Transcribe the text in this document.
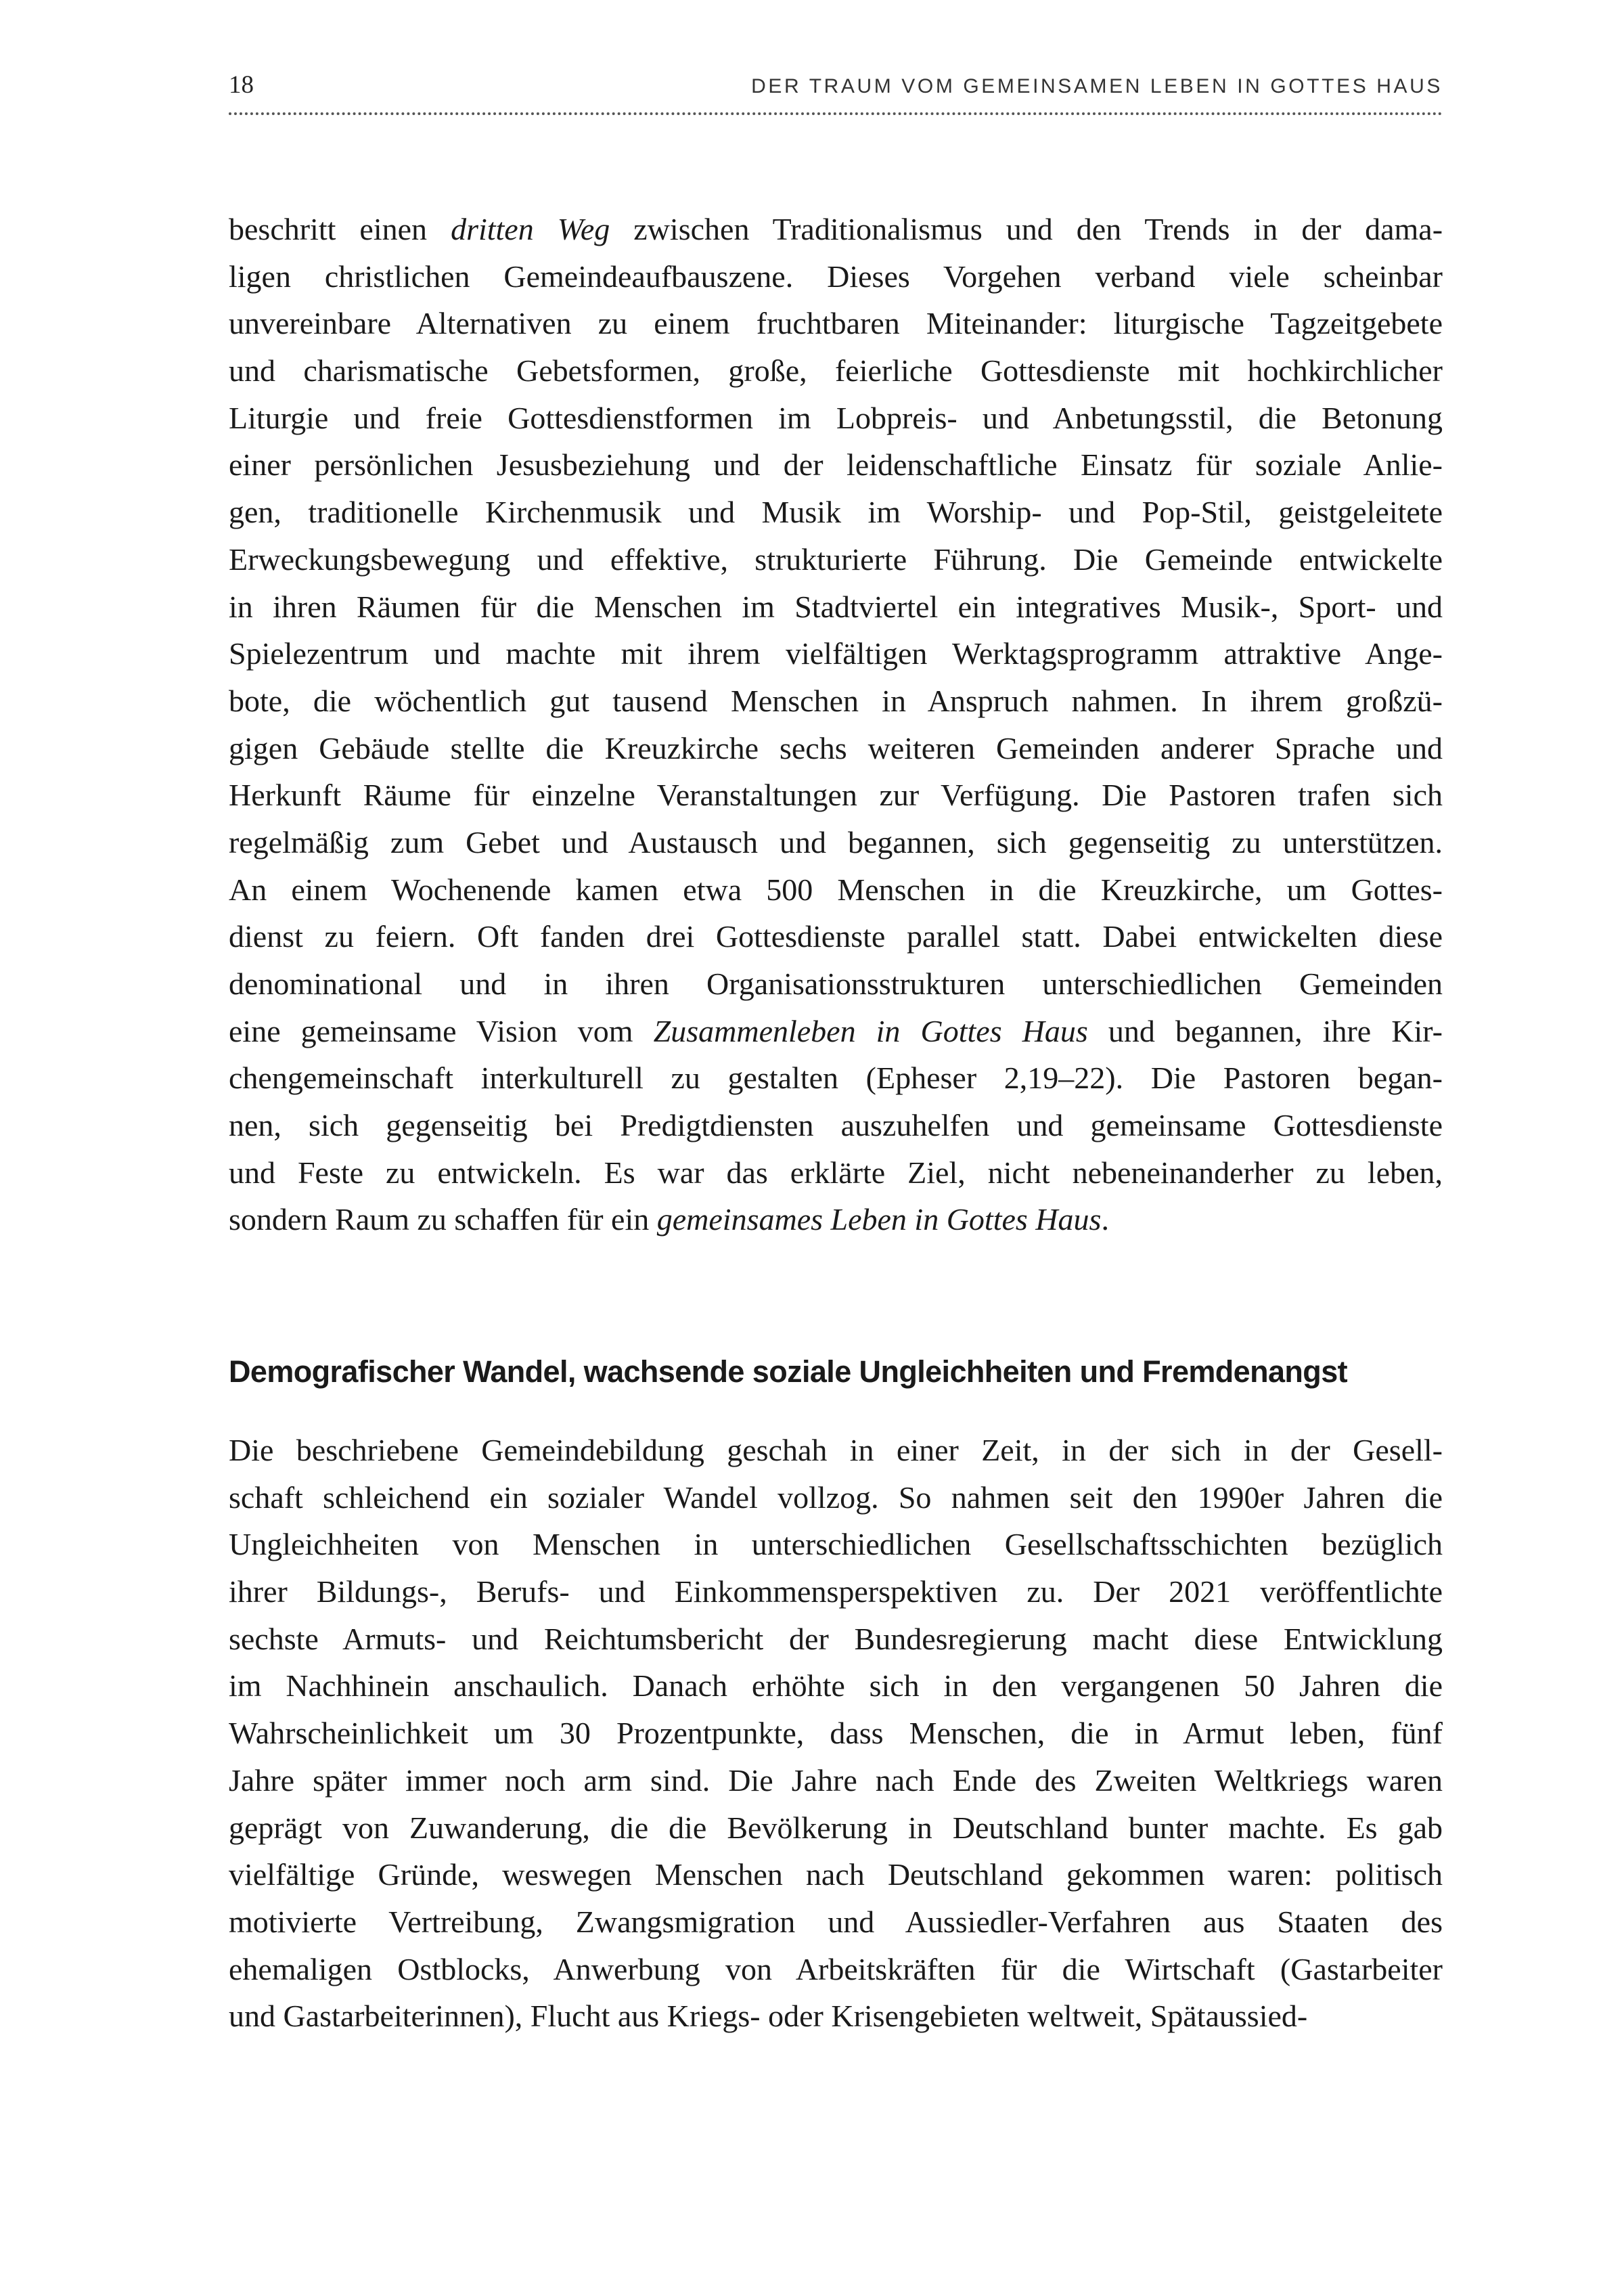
18	DER TRAUM VOM GEMEINSAMEN LEBEN IN GOTTES HAUS
beschritt einen dritten Weg zwischen Traditionalismus und den Trends in der dama-
ligen christlichen Gemeindeaufbauszene. Dieses Vorgehen verband viele scheinbar
unvereinbare Alternativen zu einem fruchtbaren Miteinander: liturgische Tagzeitgebete
und charismatische Gebetsformen, große, feierliche Gottesdienste mit hochkirchlicher
Liturgie und freie Gottesdienstformen im Lobpreis- und Anbetungsstil, die Betonung
einer persönlichen Jesusbeziehung und der leidenschaftliche Einsatz für soziale Anlie-
gen, traditionelle Kirchenmusik und Musik im Worship- und Pop-Stil, geistgeleitete
Erweckungsbewegung und effektive, strukturierte Führung. Die Gemeinde entwickelte
in ihren Räumen für die Menschen im Stadtviertel ein integratives Musik-, Sport- und
Spielezentrum und machte mit ihrem vielfältigen Werktagsprogramm attraktive Ange-
bote, die wöchentlich gut tausend Menschen in Anspruch nahmen. In ihrem großzü-
gigen Gebäude stellte die Kreuzkirche sechs weiteren Gemeinden anderer Sprache und
Herkunft Räume für einzelne Veranstaltungen zur Verfügung. Die Pastoren trafen sich
regelmäßig zum Gebet und Austausch und begannen, sich gegenseitig zu unterstützen.
An einem Wochenende kamen etwa 500 Menschen in die Kreuzkirche, um Gottes-
dienst zu feiern. Oft fanden drei Gottesdienste parallel statt. Dabei entwickelten diese
denominational und in ihren Organisationsstrukturen unterschiedlichen Gemeinden
eine gemeinsame Vision vom Zusammenleben in Gottes Haus und begannen, ihre Kir-
chengemeinschaft interkulturell zu gestalten (Epheser 2,19–22). Die Pastoren began-
nen, sich gegenseitig bei Predigtdiensten auszuhelfen und gemeinsame Gottesdienste
und Feste zu entwickeln. Es war das erklärte Ziel, nicht nebeneinanderher zu leben,
sondern Raum zu schaffen für ein gemeinsames Leben in Gottes Haus.
Demografischer Wandel, wachsende soziale Ungleichheiten und Fremdenangst
Die beschriebene Gemeindebildung geschah in einer Zeit, in der sich in der Gesell-
schaft schleichend ein sozialer Wandel vollzog. So nahmen seit den 1990er Jahren die
Ungleichheiten von Menschen in unterschiedlichen Gesellschaftsschichten bezüglich
ihrer Bildungs-, Berufs- und Einkommensperspektiven zu. Der 2021 veröffentlichte
sechste Armuts- und Reichtumsbericht der Bundesregierung macht diese Entwicklung
im Nachhinein anschaulich. Danach erhöhte sich in den vergangenen 50 Jahren die
Wahrscheinlichkeit um 30 Prozentpunkte, dass Menschen, die in Armut leben, fünf
Jahre später immer noch arm sind. Die Jahre nach Ende des Zweiten Weltkriegs waren
geprägt von Zuwanderung, die die Bevölkerung in Deutschland bunter machte. Es gab
vielfältige Gründe, weswegen Menschen nach Deutschland gekommen waren: politisch
motivierte Vertreibung, Zwangsmigration und Aussiedler-Verfahren aus Staaten des
ehemaligen Ostblocks, Anwerbung von Arbeitskräften für die Wirtschaft (Gastarbeiter
und Gastarbeiterinnen), Flucht aus Kriegs- oder Krisengebieten weltweit, Spätaussied-
